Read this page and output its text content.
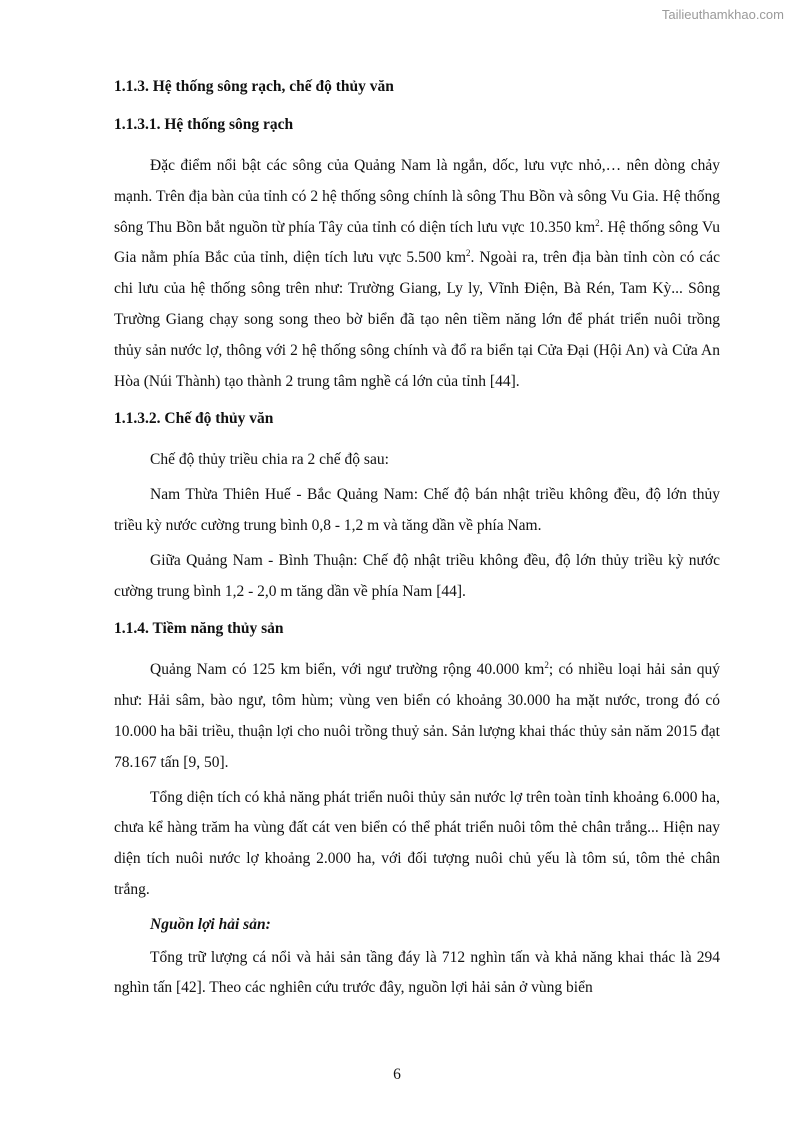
Tailieuthamkhao.com
1.1.3. Hệ thống sông rạch, chế độ thủy văn
1.1.3.1. Hệ thống sông rạch

Đặc điểm nổi bật các sông của Quảng Nam là ngắn, dốc, lưu vực nhỏ,… nên dòng chảy mạnh. Trên địa bàn của tỉnh có 2 hệ thống sông chính là sông Thu Bồn và sông Vu Gia. Hệ thống sông Thu Bồn bắt nguồn từ phía Tây của tỉnh có diện tích lưu vực 10.350 $km^2$. Hệ thống sông Vu Gia nằm phía Bắc của tỉnh, diện tích lưu vực 5.500 $km^2$. Ngoài ra, trên địa bàn tỉnh còn có các chi lưu của hệ thống sông trên như: Trường Giang, Ly ly, Vĩnh Điện, Bà Rén, Tam Kỳ... Sông Trường Giang chạy song song theo bờ biển đã tạo nên tiềm năng lớn để phát triển nuôi trồng thủy sản nước lợ, thông với 2 hệ thống sông chính và đổ ra biển tại Cửa Đại (Hội An) và Cửa An Hòa (Núi Thành) tạo thành 2 trung tâm nghề cá lớn của tỉnh [44].

1.1.3.2. Chế độ thủy văn

Chế độ thủy triều chia ra 2 chế độ sau:

Nam Thừa Thiên Huế - Bắc Quảng Nam: Chế độ bán nhật triều không đều, độ lớn thủy triều kỳ nước cường trung bình 0,8 - 1,2 m và tăng dần về phía Nam.

Giữa Quảng Nam - Bình Thuận: Chế độ nhật triều không đều, độ lớn thủy triều kỳ nước cường trung bình 1,2 - 2,0 m tăng dần về phía Nam [44].

1.1.4. Tiềm năng thủy sản

Quảng Nam có 125 km biển, với ngư trường rộng 40.000 $km^2$; có nhiều loại hải sản quý như: Hải sâm, bào ngư, tôm hùm; vùng ven biển có khoảng 30.000 ha mặt nước, trong đó có 10.000 ha bãi triều, thuận lợi cho nuôi trồng thuỷ sản. Sản lượng khai thác thủy sản năm 2015 đạt 78.167 tấn [9, 50].

Tổng diện tích có khả năng phát triển nuôi thủy sản nước lợ trên toàn tỉnh khoảng 6.000 ha, chưa kể hàng trăm ha vùng đất cát ven biển có thể phát triển nuôi tôm thẻ chân trắng... Hiện nay diện tích nuôi nước lợ khoảng 2.000 ha, với đối tượng nuôi chủ yếu là tôm sú, tôm thẻ chân trắng.

Nguồn lợi hải sản:

Tổng trữ lượng cá nổi và hải sản tầng đáy là 712 nghìn tấn và khả năng khai thác là 294 nghìn tấn [42]. Theo các nghiên cứu trước đây, nguồn lợi hải sản ở vùng biển

6
